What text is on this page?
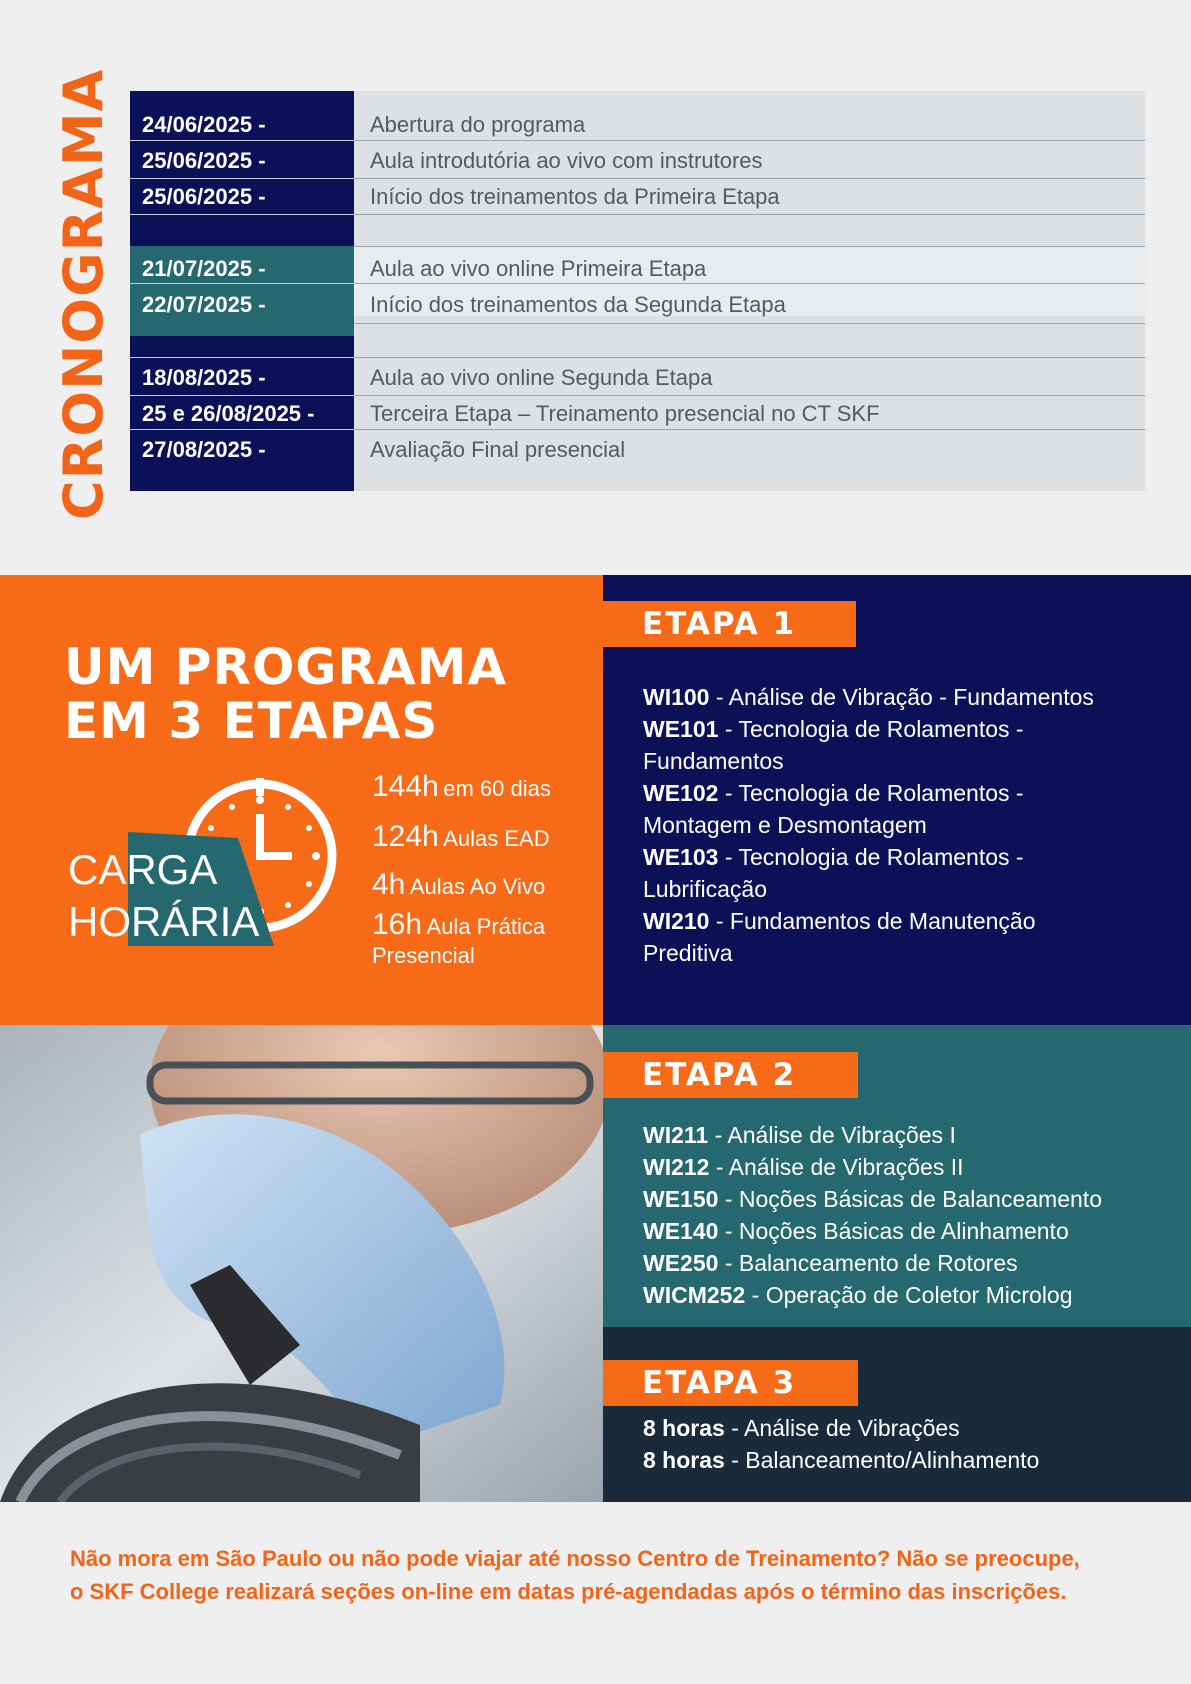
CRONOGRAMA 24/06/2025 -	Abertura do programa
25/06/2025 -	Aula introdutória ao vivo com instrutores
25/06/2025 -	Início dos treinamentos da Primeira Etapa
21/07/2025 -	Aula ao vivo online Primeira Etapa
22/07/2025 -	Início dos treinamentos da Segunda Etapa
18/08/2025 -	Aula ao vivo online Segunda Etapa
25 e 26/08/2025 -	Terceira Etapa – Treinamento presencial no CT SKF
27/08/2025 -	Avaliação Final presencial
UM PROGRAMA
EM 3 ETAPAS
CARGA
HORÁRIA
144h em 60 dias
124h Aulas EAD
4h Aulas Ao Vivo
16h Aula Prática
Presencial
ETAPA 1
WI100 - Análise de Vibração - Fundamentos
WE101 - Tecnologia de Rolamentos -
Fundamentos
WE102 - Tecnologia de Rolamentos -
Montagem e Desmontagem
WE103 - Tecnologia de Rolamentos -
Lubrificação
WI210 - Fundamentos de Manutenção
Preditiva
ETAPA 2
WI211 - Análise de Vibrações I
WI212 - Análise de Vibrações II
WE150 - Noções Básicas de Balanceamento
WE140 - Noções Básicas de Alinhamento
WE250 - Balanceamento de Rotores
WICM252 - Operação de Coletor Microlog
ETAPA 3
8 horas - Análise de Vibrações
8 horas - Balanceamento/Alinhamento
Não mora em São Paulo ou não pode viajar até nosso Centro de Treinamento? Não se preocupe,
o SKF College realizará seções on-line em datas pré-agendadas após o término das inscrições.
